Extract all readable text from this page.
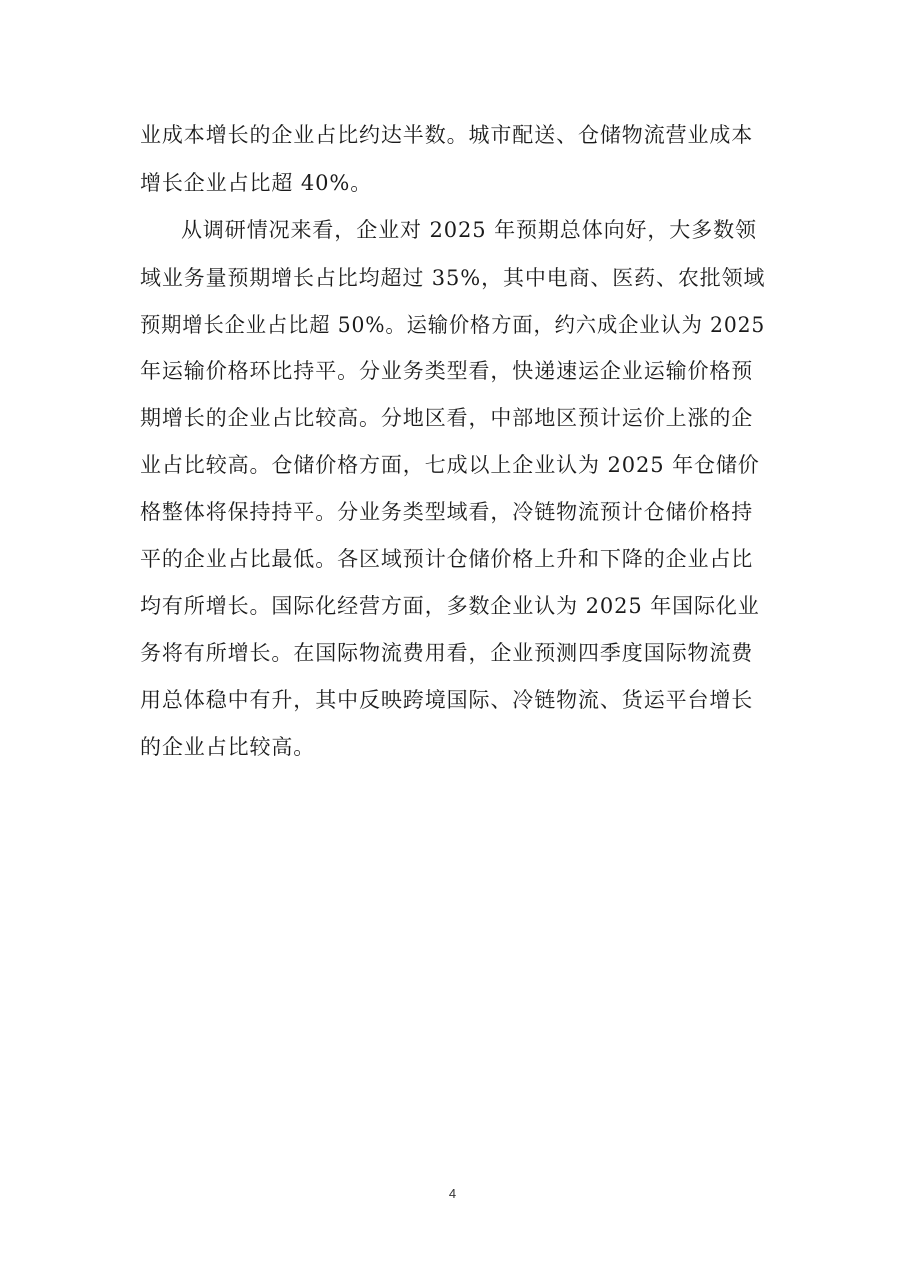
业成本增长的企业占比约达半数。城市配送、仓储物流营业成本
增长企业占比超 40%。
从调研情况来看，企业对 2025 年预期总体向好，大多数领
域业务量预期增长占比均超过 35%，其中电商、医药、农批领域
预期增长企业占比超 50%。运输价格方面，约六成企业认为 2025
年运输价格环比持平。分业务类型看，快递速运企业运输价格预
期增长的企业占比较高。分地区看，中部地区预计运价上涨的企
业占比较高。仓储价格方面，七成以上企业认为 2025 年仓储价
格整体将保持持平。分业务类型域看，冷链物流预计仓储价格持
平的企业占比最低。各区域预计仓储价格上升和下降的企业占比
均有所增长。国际化经营方面，多数企业认为 2025 年国际化业
务将有所增长。在国际物流费用看，企业预测四季度国际物流费
用总体稳中有升，其中反映跨境国际、冷链物流、货运平台增长
的企业占比较高。
4
